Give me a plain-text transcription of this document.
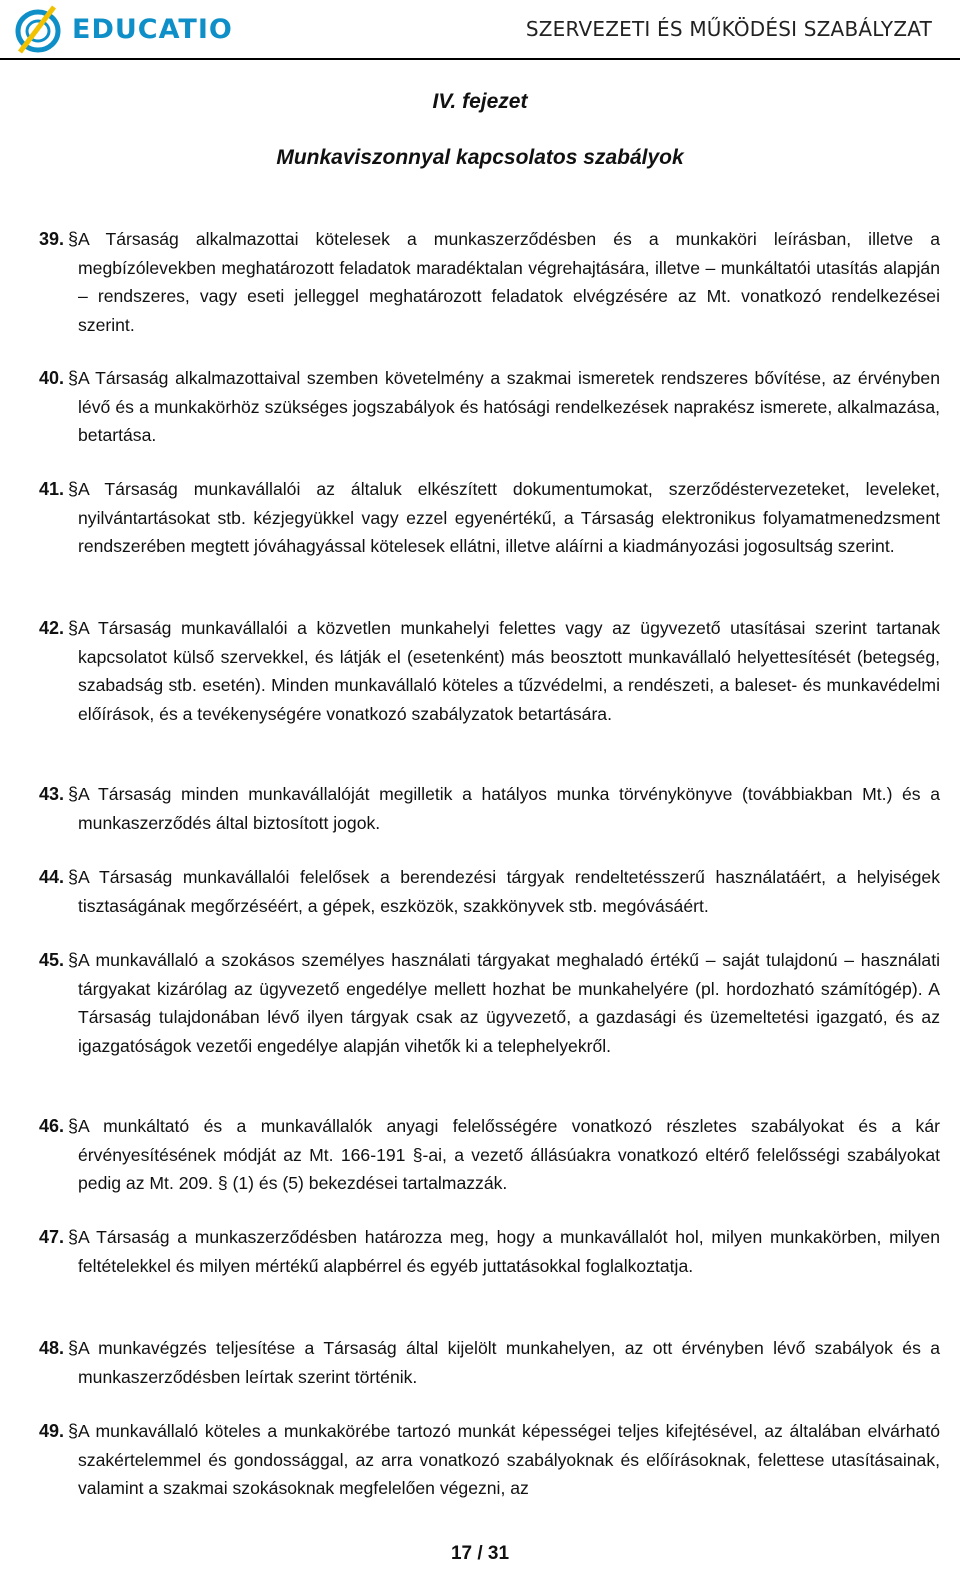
EDUCATIO	SZERVEZETI ÉS MŰKÖDÉSI SZABÁLYZAT
IV. fejezet
Munkaviszonnyal kapcsolatos szabályok
39. § A Társaság alkalmazottai kötelesek a munkaszerződésben és a munkaköri leírásban, illetve a megbízólevekben meghatározott feladatok maradéktalan végrehajtására, illetve – munkáltatói utasítás alapján – rendszeres, vagy eseti jelleggel meghatározott feladatok elvégzésére az Mt. vonatkozó rendelkezései szerint.

40. § A Társaság alkalmazottaival szemben követelmény a szakmai ismeretek rendszeres bővítése, az érvényben lévő és a munkakörhöz szükséges jogszabályok és hatósági rendelkezések naprakész ismerete, alkalmazása, betartása.

41. § A Társaság munkavállalói az általuk elkészített dokumentumokat, szerződéstervezeteket, leveleket, nyilvántartásokat stb. kézjegyükkel vagy ezzel egyenértékű, a Társaság elektronikus folyamatmenedzsment rendszerében megtett jóváhagyással kötelesek ellátni, illetve aláírni a kiadmányozási jogosultság szerint.

42. § A Társaság munkavállalói a közvetlen munkahelyi felettes vagy az ügyvezető utasításai szerint tartanak kapcsolatot külső szervekkel, és látják el (esetenként) más beosztott munkavállaló helyettesítését (betegség, szabadság stb. esetén). Minden munkavállaló köteles a tűzvédelmi, a rendészeti, a baleset- és munkavédelmi előírások, és a tevékenységére vonatkozó szabályzatok betartására.

43. § A Társaság minden munkavállalóját megilletik a hatályos munka törvénykönyve (továbbiakban Mt.) és a munkaszerződés által biztosított jogok.

44. § A Társaság munkavállalói felelősek a berendezési tárgyak rendeltetésszerű használatáért, a helyiségek tisztaságának megőrzéséért, a gépek, eszközök, szakkönyvek stb. megóvásáért.

45. § A munkavállaló a szokásos személyes használati tárgyakat meghaladó értékű – saját tulajdonú – használati tárgyakat kizárólag az ügyvezető engedélye mellett hozhat be munkahelyére (pl. hordozható számítógép). A Társaság tulajdonában lévő ilyen tárgyak csak az ügyvezető, a gazdasági és üzemeltetési igazgató, és az igazgatóságok vezetői engedélye alapján vihetők ki a telephelyekről.

46. § A munkáltató és a munkavállalók anyagi felelősségére vonatkozó részletes szabályokat és a kár érvényesítésének módját az Mt. 166-191 §-ai, a vezető állásúakra vonatkozó eltérő felelősségi szabályokat pedig az Mt. 209. § (1) és (5) bekezdései tartalmazzák.

47. § A Társaság a munkaszerződésben határozza meg, hogy a munkavállalót hol, milyen munkakörben, milyen feltételekkel és milyen mértékű alapbérrel és egyéb juttatásokkal foglalkoztatja.

48. § A munkavégzés teljesítése a Társaság által kijelölt munkahelyen, az ott érvényben lévő szabályok és a munkaszerződésben leírtak szerint történik.

49. § A munkavállaló köteles a munkakörébe tartozó munkát képességei teljes kifejtésével, az általában elvárható szakértelemmel és gondossággal, az arra vonatkozó szabályoknak és előírásoknak, felettese utasításainak, valamint a szakmai szokásoknak megfelelően végezni, az

17 / 31
